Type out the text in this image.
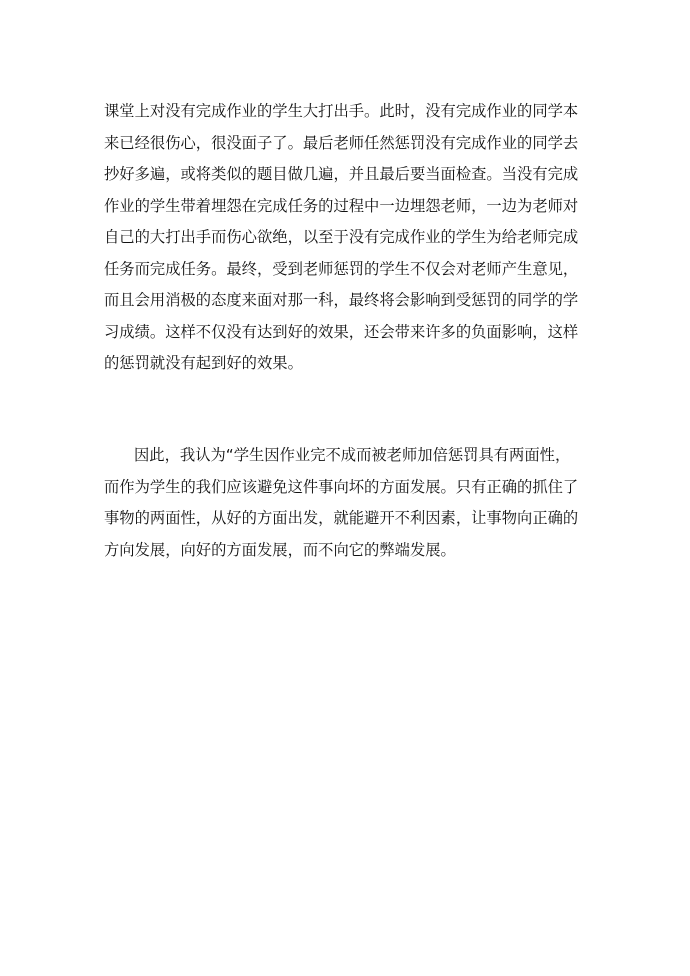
课堂上对没有完成作业的学生大打出手。此时，没有完成作业的同学本
来已经很伤心，很没面子了。最后老师任然惩罚没有完成作业的同学去
抄好多遍，或将类似的题目做几遍，并且最后要当面检查。当没有完成
作业的学生带着埋怨在完成任务的过程中一边埋怨老师，一边为老师对
自己的大打出手而伤心欲绝，以至于没有完成作业的学生为给老师完成
任务而完成任务。最终，受到老师惩罚的学生不仅会对老师产生意见，
而且会用消极的态度来面对那一科，最终将会影响到受惩罚的同学的学
习成绩。这样不仅没有达到好的效果，还会带来许多的负面影响，这样
的惩罚就没有起到好的效果。
因此，我认为“学生因作业完不成而被老师加倍惩罚具有两面性，
而作为学生的我们应该避免这件事向坏的方面发展。只有正确的抓住了
事物的两面性，从好的方面出发，就能避开不利因素，让事物向正确的
方向发展，向好的方面发展，而不向它的弊端发展。
